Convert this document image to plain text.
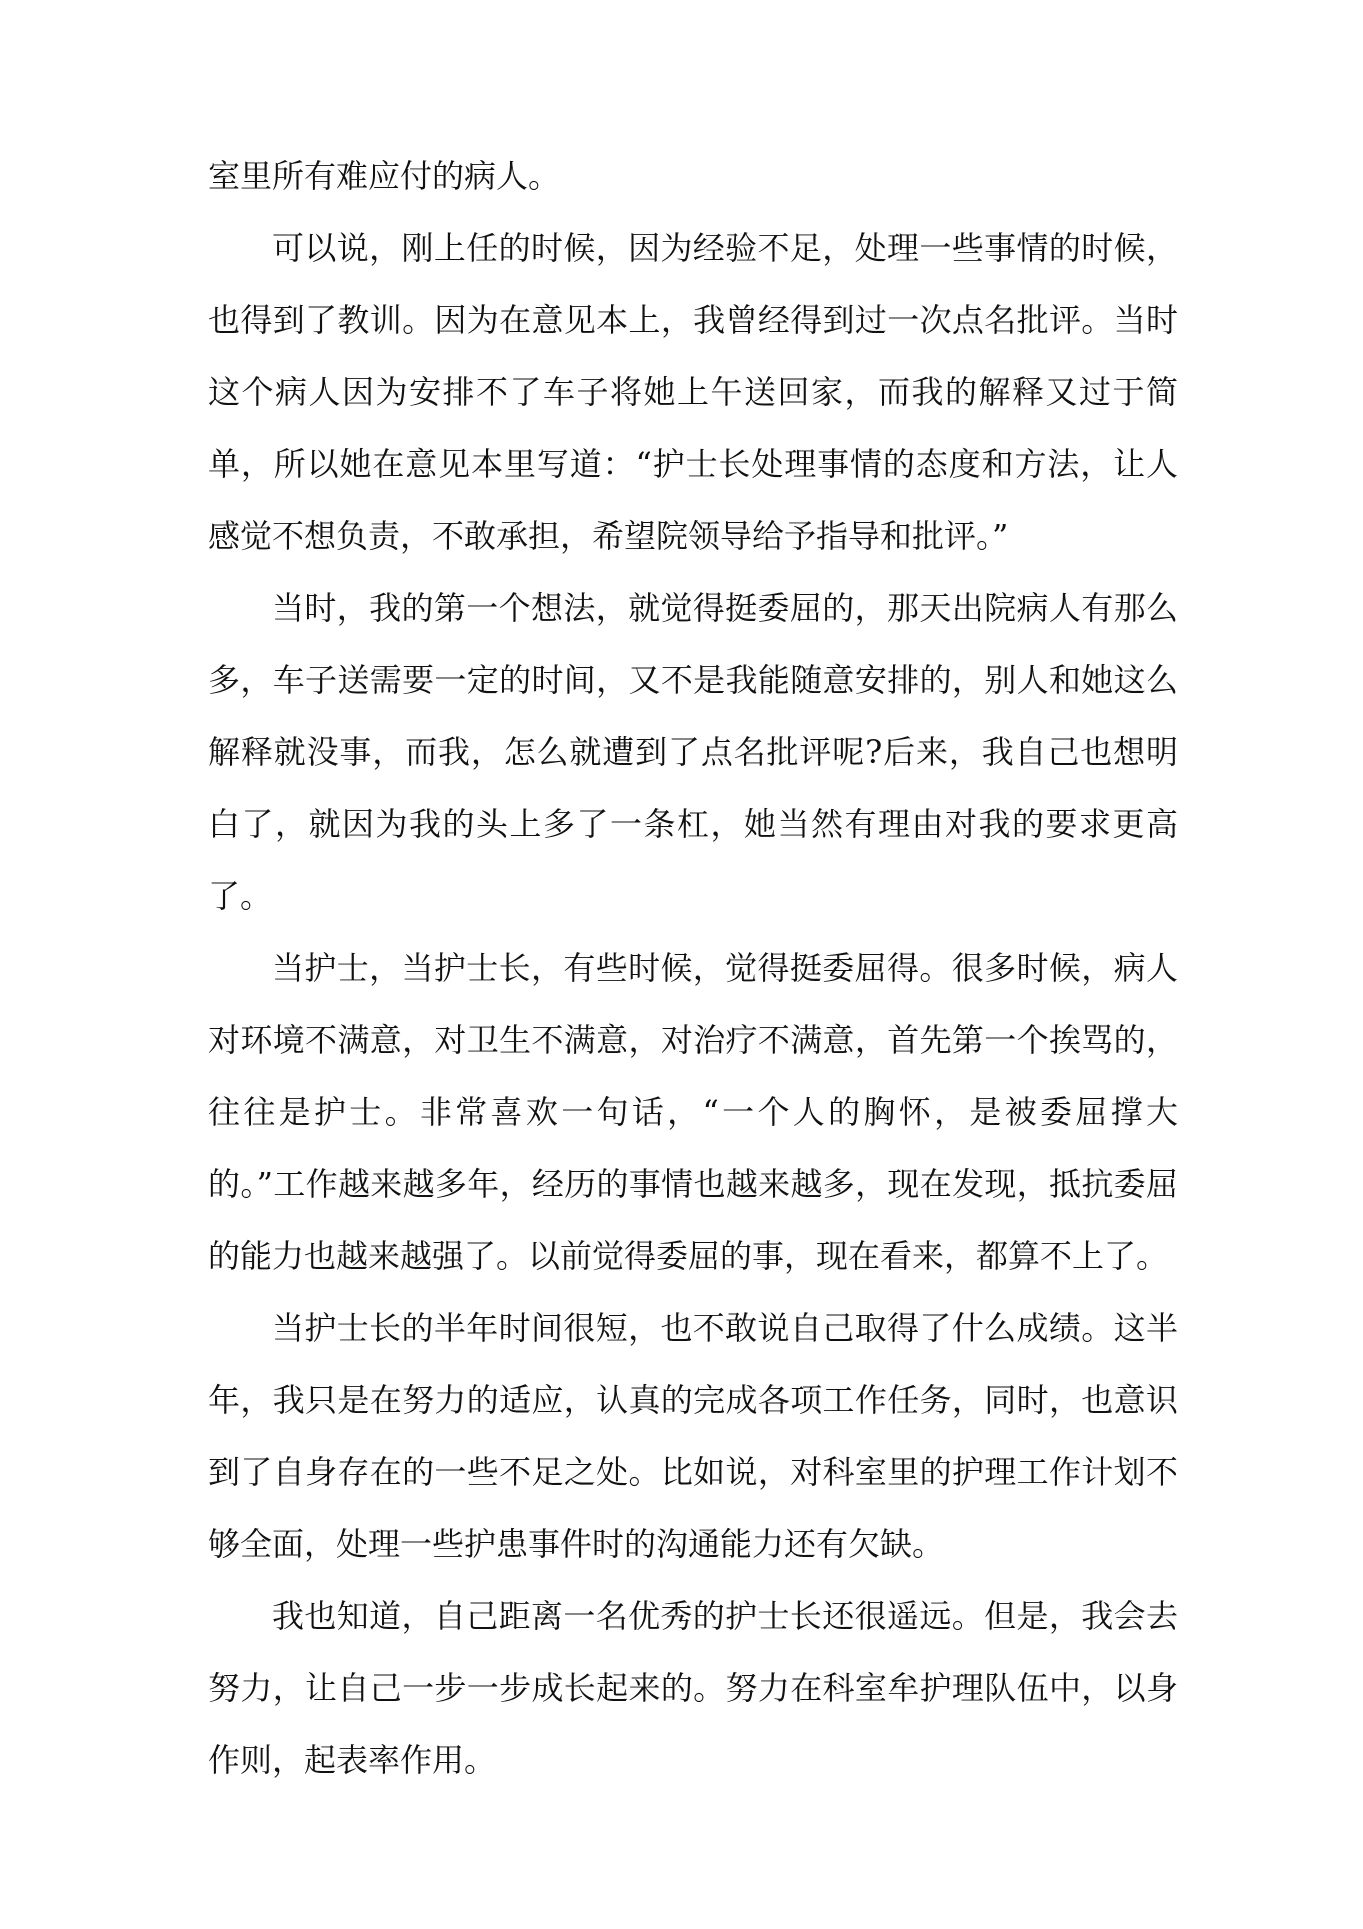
室里所有难应付的病人。

可以说，刚上任的时候，因为经验不足，处理一些事情的时候，也得到了教训。因为在意见本上，我曾经得到过一次点名批评。当时这个病人因为安排不了车子将她上午送回家，而我的解释又过于简单，所以她在意见本里写道：“护士长处理事情的态度和方法，让人感觉不想负责，不敢承担，希望院领导给予指导和批评。”

当时，我的第一个想法，就觉得挺委屈的，那天出院病人有那么多，车子送需要一定的时间，又不是我能随意安排的，别人和她这么解释就没事，而我，怎么就遭到了点名批评呢?后来，我自己也想明白了，就因为我的头上多了一条杠，她当然有理由对我的要求更高了。

当护士，当护士长，有些时候，觉得挺委屈得。很多时候，病人对环境不满意，对卫生不满意，对治疗不满意，首先第一个挨骂的，往往是护士。非常喜欢一句话，“一个人的胸怀，是被委屈撑大的。”工作越来越多年，经历的事情也越来越多，现在发现，抵抗委屈的能力也越来越强了。以前觉得委屈的事，现在看来，都算不上了。

当护士长的半年时间很短，也不敢说自己取得了什么成绩。这半年，我只是在努力的适应，认真的完成各项工作任务，同时，也意识到了自身存在的一些不足之处。比如说，对科室里的护理工作计划不够全面，处理一些护患事件时的沟通能力还有欠缺。

我也知道，自己距离一名优秀的护士长还很遥远。但是，我会去努力，让自己一步一步成长起来的。努力在科室牟护理队伍中，以身作则，起表率作用。
